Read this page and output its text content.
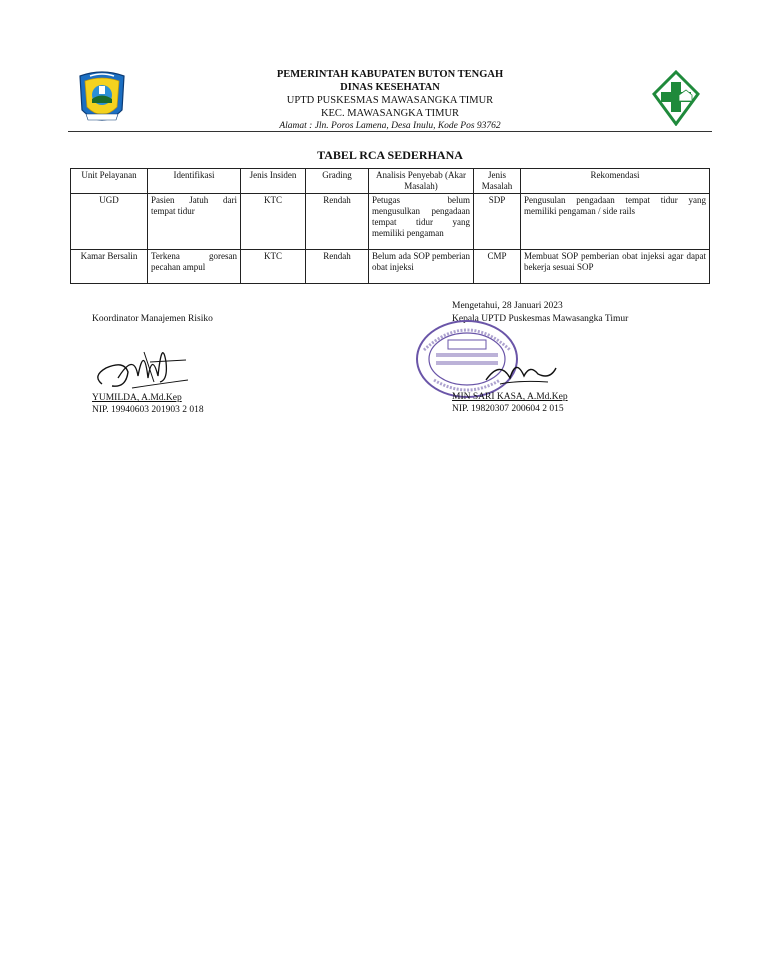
PEMERINTAH KABUPATEN BUTON TENGAH
DINAS KESEHATAN
UPTD PUSKESMAS MAWASANGKA TIMUR
KEC. MAWASANGKA TIMUR
Alamat : Jln. Poros Lamena, Desa Inulu, Kode Pos 93762
TABEL RCA SEDERHANA
Unit Pelayanan	Identifikasi	Jenis Insiden	Grading	Analisis Penyebab (Akar Masalah)	Jenis Masalah	Rekomendasi
UGD	Pasien Jatuh dari tempat tidur	KTC	Rendah	Petugas belum mengusulkan pengadaan tempat tidur yang memiliki pengaman	SDP	Pengusulan pengadaan tempat tidur yang memiliki pengaman / side rails
Kamar Bersalin	Terkena goresan pecahan ampul	KTC	Rendah	Belum ada SOP pemberian obat injeksi	CMP	Membuat SOP pemberian obat injeksi agar dapat bekerja sesuai SOP
Koordinator Manajemen Risiko
YUMILDA, A.Md.Kep
NIP. 19940603 201903 2 018
Mengetahui, 28 Januari 2023
Kepala UPTD Puskesmas Mawasangka Timur
MIN SARI KASA, A.Md.Kep
NIP. 19820307 200604 2 015
